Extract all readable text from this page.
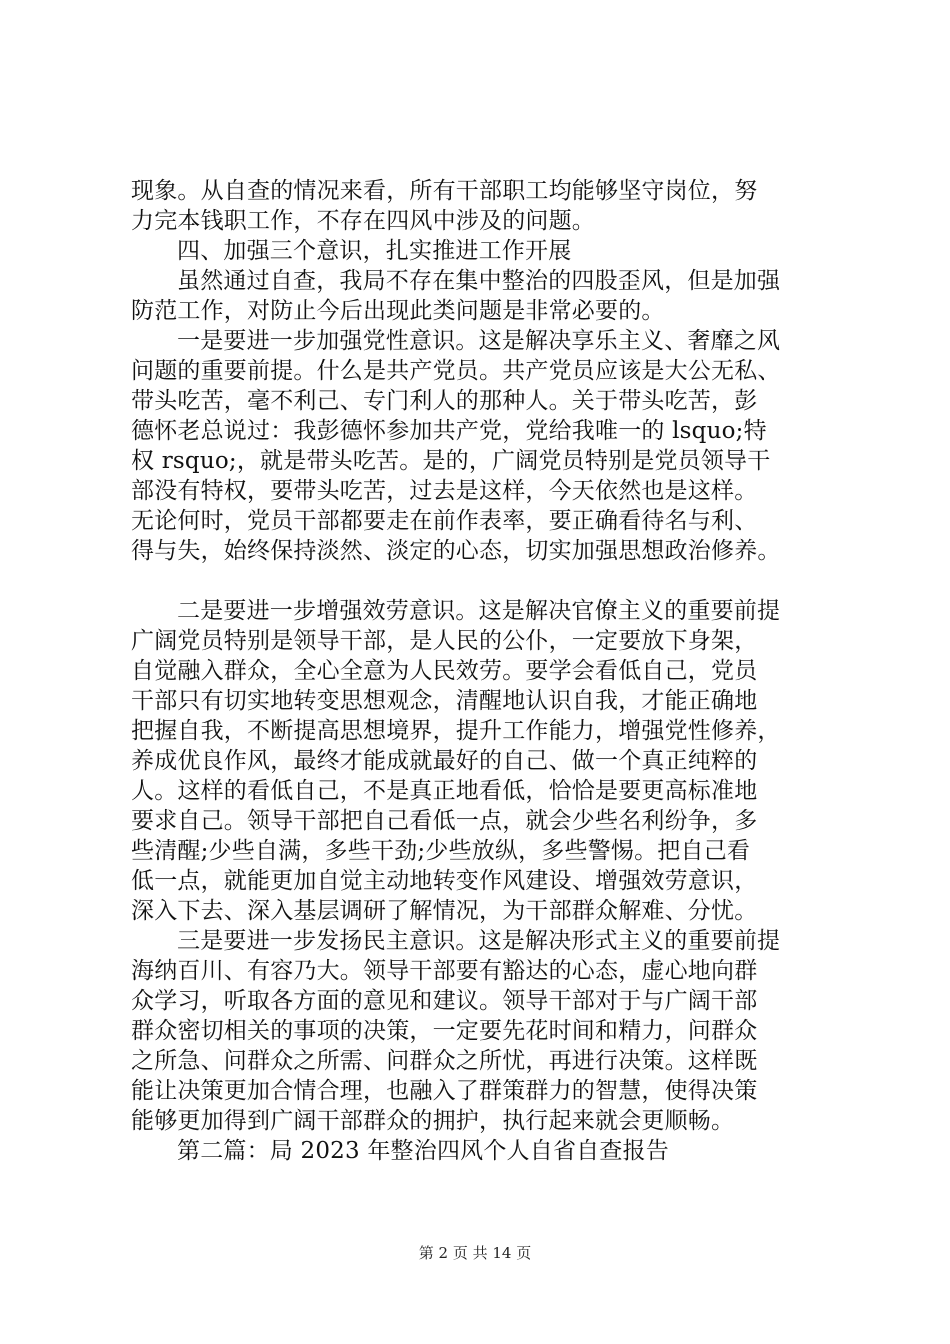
现象。从自查的情况来看，所有干部职工均能够坚守岗位，努
力完本钱职工作，不存在四风中涉及的问题。
四、加强三个意识，扎实推进工作开展
虽然通过自查，我局不存在集中整治的四股歪风，但是加强
防范工作，对防止今后出现此类问题是非常必要的。
一是要进一步加强党性意识。这是解决享乐主义、奢靡之风
问题的重要前提。什么是共产党员。共产党员应该是大公无私、
带头吃苦，毫不利己、专门利人的那种人。关于带头吃苦，彭
德怀老总说过：我彭德怀参加共产党，党给我唯一的 lsquo;特
权 rsquo;，就是带头吃苦。是的，广阔党员特别是党员领导干
部没有特权，要带头吃苦，过去是这样，今天依然也是这样。
无论何时，党员干部都要走在前作表率，要正确看待名与利、
得与失，始终保持淡然、淡定的心态，切实加强思想政治修养。
二是要进一步增强效劳意识。这是解决官僚主义的重要前提
广阔党员特别是领导干部，是人民的公仆，一定要放下身架，
自觉融入群众，全心全意为人民效劳。要学会看低自己，党员
干部只有切实地转变思想观念，清醒地认识自我，才能正确地
把握自我，不断提高思想境界，提升工作能力，增强党性修养，
养成优良作风，最终才能成就最好的自己、做一个真正纯粹的
人。这样的看低自己，不是真正地看低，恰恰是要更高标准地
要求自己。领导干部把自己看低一点，就会少些名利纷争，多
些清醒;少些自满，多些干劲;少些放纵，多些警惕。把自己看
低一点，就能更加自觉主动地转变作风建设、增强效劳意识，
深入下去、深入基层调研了解情况，为干部群众解难、分忧。
三是要进一步发扬民主意识。这是解决形式主义的重要前提
海纳百川、有容乃大。领导干部要有豁达的心态，虚心地向群
众学习，听取各方面的意见和建议。领导干部对于与广阔干部
群众密切相关的事项的决策，一定要先花时间和精力，问群众
之所急、问群众之所需、问群众之所忧，再进行决策。这样既
能让决策更加合情合理，也融入了群策群力的智慧，使得决策
能够更加得到广阔干部群众的拥护，执行起来就会更顺畅。
第二篇：局 2023 年整治四风个人自省自查报告
第 2 页 共 14 页
